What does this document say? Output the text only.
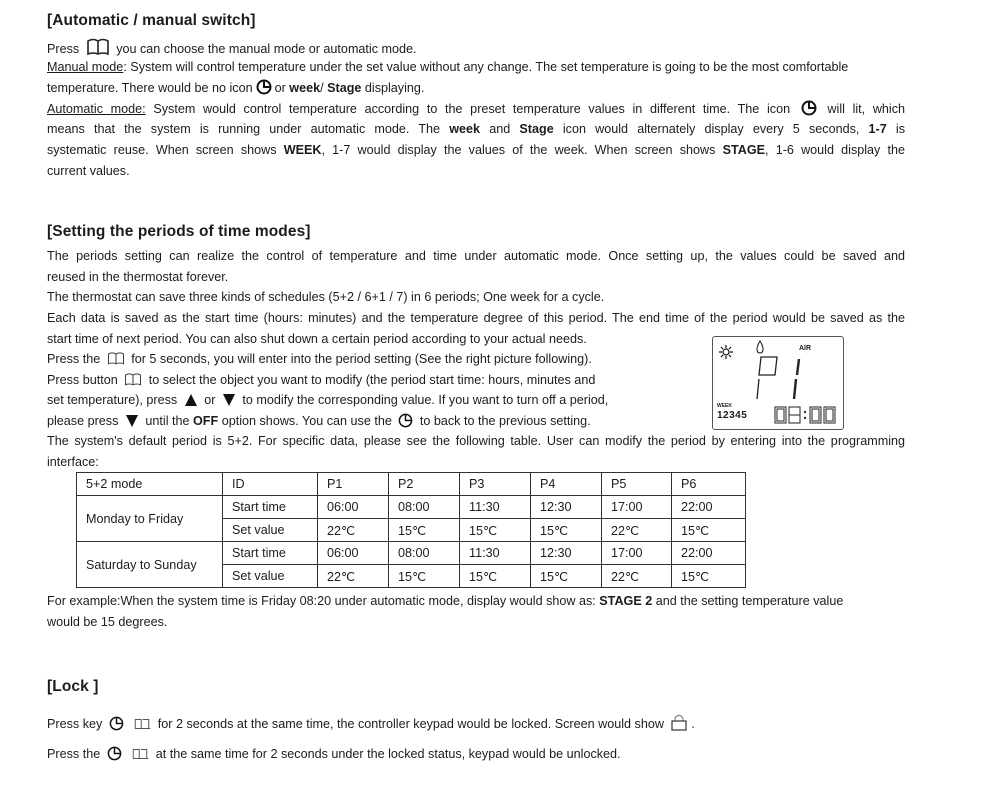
[Automatic / manual switch]
Press	you can choose the manual mode or automatic mode.
Manual mode: System will control temperature under the set value without any change. The set temperature is going to be the most comfortable
temperature. There would be no icon or week/ Stage displaying.
Automatic mode: System would control temperature according to the preset temperature values in different time. The icon	will lit, which
means that the system is running under automatic mode. The week and Stage icon would alternately display every 5 seconds, 1-7 is
systematic reuse. When screen shows WEEK, 1-7 would display the values of the week. When screen shows STAGE, 1-6 would display the
current values.
[Setting the periods of time modes]
The periods setting can realize the control of temperature and time under automatic mode. Once setting up, the values could be saved and
reused in the thermostat forever.
The thermostat can save three kinds of schedules (5+2 / 6+1 / 7) in 6 periods; One week for a cycle.
Each data is saved as the start time (hours: minutes) and the temperature degree of this period. The end time of the period would be saved as the
start time of next period. You can also shut down a certain period according to your actual needs.
Press the for 5 seconds, you will enter into the period setting (See the right picture following).
Press button to select the object you want to modify (the period start time: hours, minutes and
set temperature), press or to modify the corresponding value. If you want to turn off a period,
please press until the OFF option shows. You can use the to back to the previous setting.
The system's default period is 5+2. For specific data, please see the following table. User can modify the period by entering into the programming
interface:
5+2 mode	ID	P1	P2	P3	P4	P5	P6
Monday to Friday	Start time	06:00	08:00	11:30	12:30	17:00	22:00
	Set value	22℃	15℃	15℃	15℃	22℃	15℃
Saturday to Sunday	Start time	06:00	08:00	11:30	12:30	17:00	22:00
	Set value	22℃	15℃	15℃	15℃	22℃	15℃
For example:When the system time is Friday 08:20 under automatic mode, display would show as: STAGE 2 and the setting temperature value
would be 15 degrees.
[Lock ]
Press key
	for 2 seconds at the same time, the controller keypad would be locked. Screen would show .
Press the
	at the same time for 2 seconds under the locked status, keypad would be unlocked.
AIR
WEEK
12345
